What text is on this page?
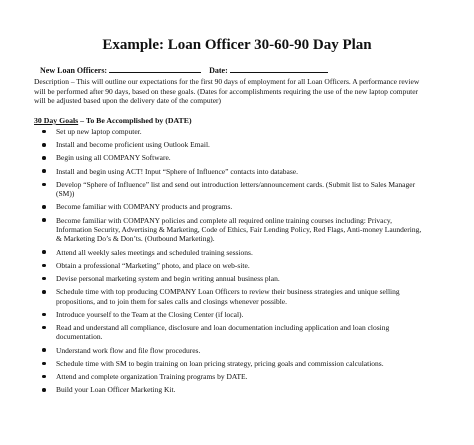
Example: Loan Officer 30-60-90 Day Plan
New Loan Officers:	Date:
Description – This will outline our expectations for the first 90 days of employment for all Loan Officers. A performance review will be performed after 90 days, based on these goals. (Dates for accomplishments requiring the use of the new laptop computer will be adjusted based upon the delivery date of the computer)
30 Day Goals – To Be Accomplished by (DATE)
Set up new laptop computer.
Install and become proficient using Outlook Email.
Begin using all COMPANY Software.
Install and begin using ACT! Input “Sphere of Influence” contacts into database.
Develop “Sphere of Influence” list and send out introduction letters/announcement cards. (Submit list to Sales Manager (SM))
Become familiar with COMPANY products and programs.
Become familiar with COMPANY policies and complete all required online training courses including: Privacy, Information Security, Advertising & Marketing, Code of Ethics, Fair Lending Policy, Red Flags, Anti-money Laundering, & Marketing Do’s & Don’ts. (Outbound Marketing).
Attend all weekly sales meetings and scheduled training sessions.
Obtain a professional “Marketing” photo, and place on web-site.
Devise personal marketing system and begin writing annual business plan.
Schedule time with top producing COMPANY Loan Officers to review their business strategies and unique selling propositions, and to join them for sales calls and closings whenever possible.
Introduce yourself to the Team at the Closing Center (if local).
Read and understand all compliance, disclosure and loan documentation including application and loan closing documentation.
Understand work flow and file flow procedures.
Schedule time with SM to begin training on loan pricing strategy, pricing goals and commission calculations.
Attend and complete organization Training programs by DATE.
Build your Loan Officer Marketing Kit.
